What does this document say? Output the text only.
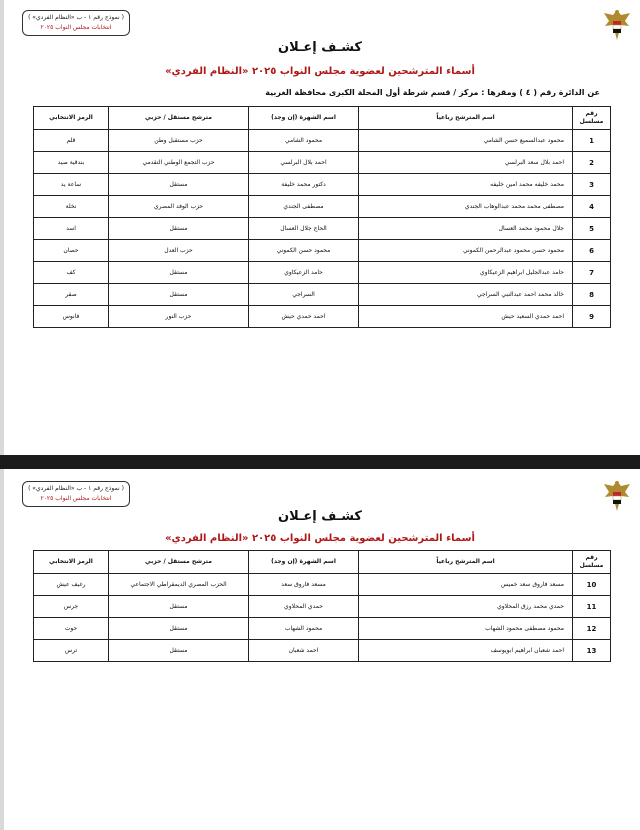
( نموذج رقم ١ - ب «النظام الفردي» )
انتخابات مجلس النواب ٢٠٢٥
كشـف إعـلان
أسماء المترشحين لعضوية مجلس النواب ٢٠٢٥ «النظام الفردي»
عن الدائرة رقم ( ٤ ) ومقرها : مركز / قسم شرطة أول المحلة الكبرى محافظة الغربية
رقم مسلسل	اسم المترشح رباعياً	اسم الشهرة (إن وجد)	مترشح مستقل / حزبي	الرمز الانتخابي
1	محمود عبدالسميع حسن الشامي	محمود الشامي	حزب مستقبل وطن	قلم
2	احمد بلال سعد البرلسي	احمد بلال البرلسي	حزب التجمع الوطني التقدمي	بندقية صيد
3	محمد خليفه محمد امين خليفه	دكتور محمد خليفة	مستقل	ساعة يد
4	مصطفى محمد محمد عبدالوهاب الجندي	مصطفى الجندي	حزب الوفد المصري	نخلة
5	جلال محمود محمد العسال	الحاج جلال العسال	مستقل	اسد
6	محمود حسن محمود عبدالرحمن الكموني	محمود حسن الكموني	حزب العدل	حصان
7	حامد عبدالجليل ابراهيم الزعيكاوي	حامد الزعيكاوي	مستقل	كف
8	خالد محمد احمد عبدالنبي السراجي	السراجي	مستقل	صقر
9	احمد حمدي السعيد حيش	احمد حمدي حيش	حزب النور	فانوس
( نموذج رقم ١ - ب «النظام الفردي» )
انتخابات مجلس النواب ٢٠٢٥
كشـف إعـلان
أسماء المترشحين لعضوية مجلس النواب ٢٠٢٥ «النظام الفردي»
رقم مسلسل	اسم المترشح رباعياً	اسم الشهرة (إن وجد)	مترشح مستقل / حزبي	الرمز الانتخابي
10	مسعد فاروق سعد خميس	مسعد فاروق سعد	الحزب المصري الديمقراطي الاجتماعي	رغيف عيش
11	حمدي محمد رزق المحلاوي	حمدي المحلاوي	مستقل	جرس
12	محمود مصطفى محمود الشهاب	محمود الشهاب	مستقل	حوت
13	احمد شعبان ابراهيم ابويوسف	احمد شعبان	مستقل	ترس
